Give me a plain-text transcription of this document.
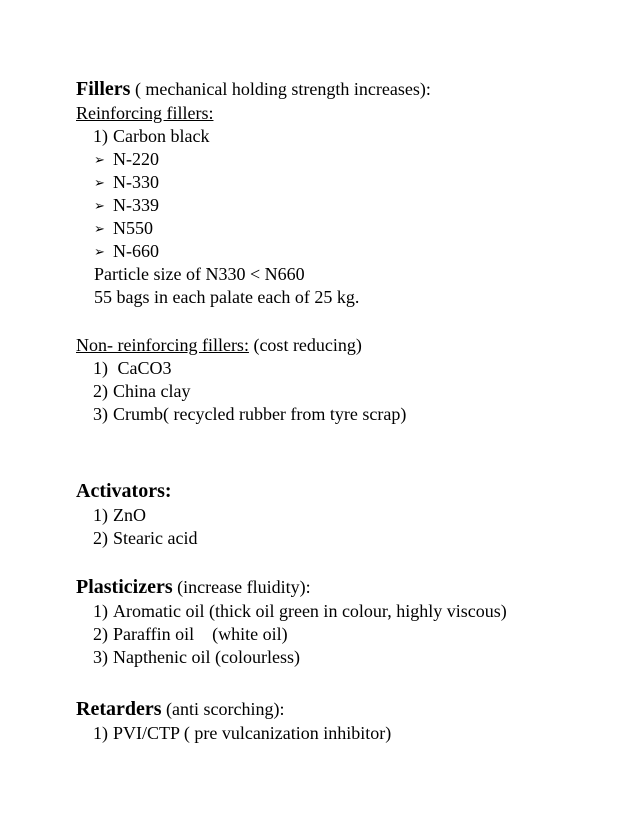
Fillers ( mechanical holding strength increases):
Reinforcing fillers:
1) Carbon black
➢ N-220
➢ N-330
➢ N-339
➢ N550
➢ N-660
Particle size of N330 < N660
55 bags in each palate each of 25 kg.
Non- reinforcing fillers: (cost reducing)
1) CaCO3
2) China clay
3) Crumb( recycled rubber from tyre scrap)
Activators:
1) ZnO
2) Stearic acid
Plasticizers (increase fluidity):
1) Aromatic oil (thick oil green in colour, highly viscous)
2) Paraffin oil    (white oil)
3) Napthenic oil (colourless)
Retarders (anti scorching):
1) PVI/CTP ( pre vulcanization inhibitor)
